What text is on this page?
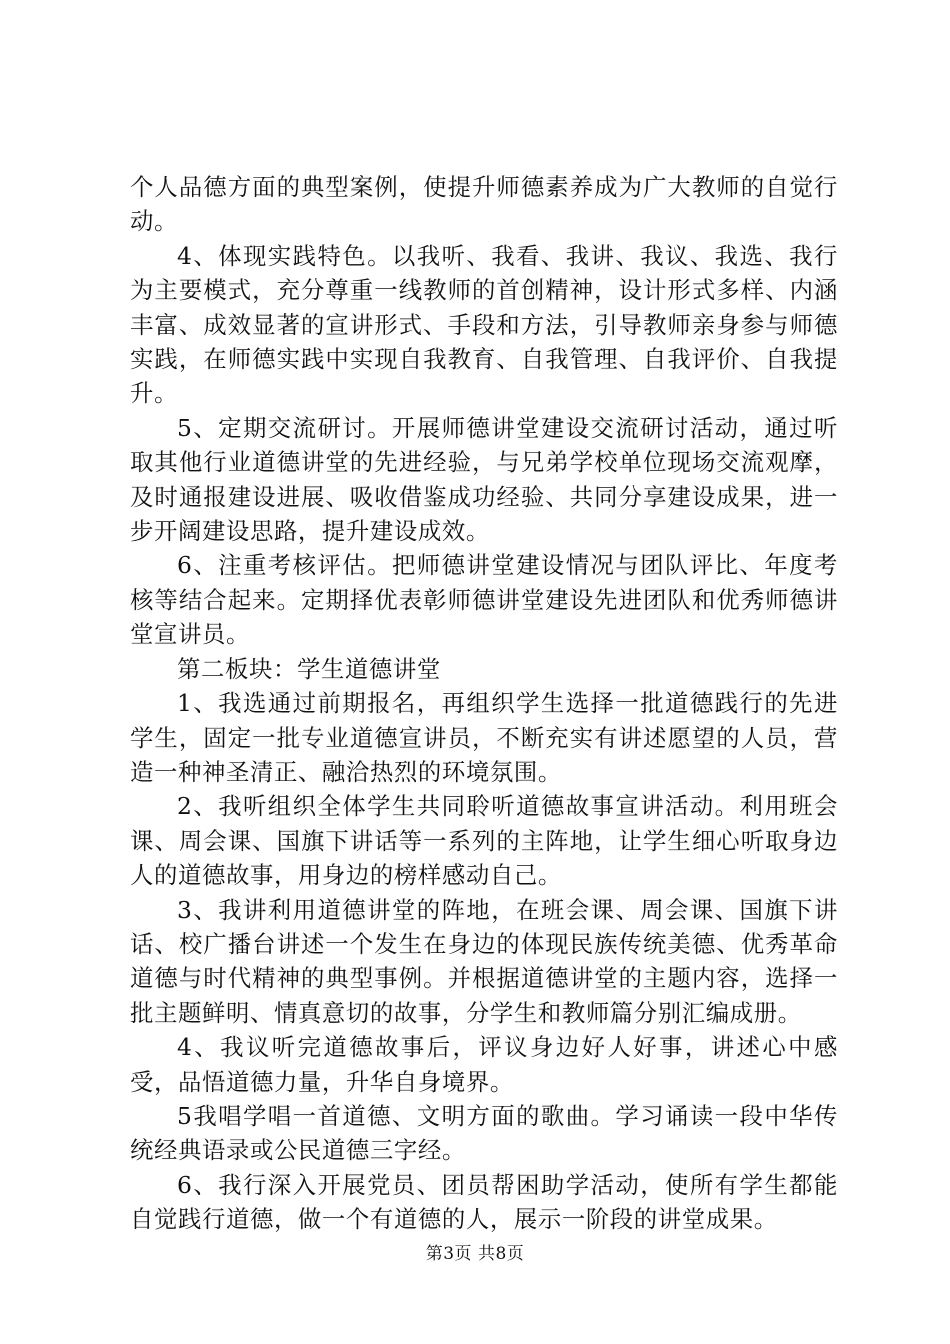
个人品德方面的典型案例，使提升师德素养成为广大教师的自觉行动。

4、体现实践特色。以我听、我看、我讲、我议、我选、我行为主要模式，充分尊重一线教师的首创精神，设计形式多样、内涵丰富、成效显著的宣讲形式、手段和方法，引导教师亲身参与师德实践，在师德实践中实现自我教育、自我管理、自我评价、自我提升。

5、定期交流研讨。开展师德讲堂建设交流研讨活动，通过听取其他行业道德讲堂的先进经验，与兄弟学校单位现场交流观摩，及时通报建设进展、吸收借鉴成功经验、共同分享建设成果，进一步开阔建设思路，提升建设成效。

6、注重考核评估。把师德讲堂建设情况与团队评比、年度考核等结合起来。定期择优表彰师德讲堂建设先进团队和优秀师德讲堂宣讲员。

第二板块：学生道德讲堂

1、我选通过前期报名，再组织学生选择一批道德践行的先进学生，固定一批专业道德宣讲员，不断充实有讲述愿望的人员，营造一种神圣清正、融洽热烈的环境氛围。

2、我听组织全体学生共同聆听道德故事宣讲活动。利用班会课、周会课、国旗下讲话等一系列的主阵地，让学生细心听取身边人的道德故事，用身边的榜样感动自己。

3、我讲利用道德讲堂的阵地，在班会课、周会课、国旗下讲话、校广播台讲述一个发生在身边的体现民族传统美德、优秀革命道德与时代精神的典型事例。并根据道德讲堂的主题内容，选择一批主题鲜明、情真意切的故事，分学生和教师篇分别汇编成册。

4、我议听完道德故事后，评议身边好人好事，讲述心中感受，品悟道德力量，升华自身境界。

5我唱学唱一首道德、文明方面的歌曲。学习诵读一段中华传统经典语录或公民道德三字经。

6、我行深入开展党员、团员帮困助学活动，使所有学生都能自觉践行道德，做一个有道德的人，展示一阶段的讲堂成果。

第3页 共8页
